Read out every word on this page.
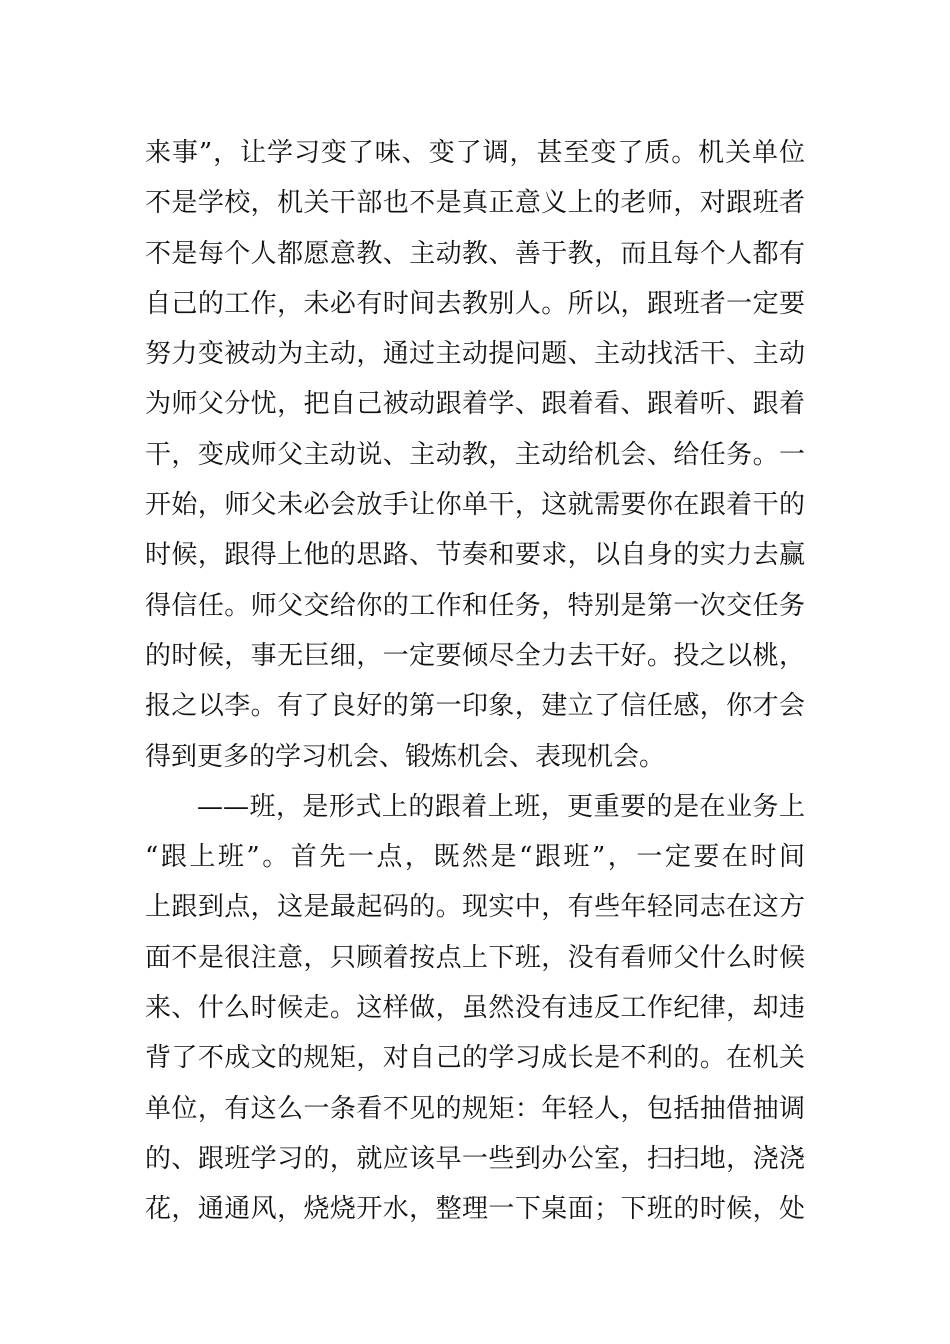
来事”，让学习变了味、变了调，甚至变了质。机关单位
不是学校，机关干部也不是真正意义上的老师，对跟班者
不是每个人都愿意教、主动教、善于教，而且每个人都有
自己的工作，未必有时间去教别人。所以，跟班者一定要
努力变被动为主动，通过主动提问题、主动找活干、主动
为师父分忧，把自己被动跟着学、跟着看、跟着听、跟着
干，变成师父主动说、主动教，主动给机会、给任务。一
开始，师父未必会放手让你单干，这就需要你在跟着干的
时候，跟得上他的思路、节奏和要求，以自身的实力去赢
得信任。师父交给你的工作和任务，特别是第一次交任务
的时候，事无巨细，一定要倾尽全力去干好。投之以桃，
报之以李。有了良好的第一印象，建立了信任感，你才会
得到更多的学习机会、锻炼机会、表现机会。
——班，是形式上的跟着上班，更重要的是在业务上
“跟上班”。首先一点，既然是“跟班”，一定要在时间
上跟到点，这是最起码的。现实中，有些年轻同志在这方
面不是很注意，只顾着按点上下班，没有看师父什么时候
来、什么时候走。这样做，虽然没有违反工作纪律，却违
背了不成文的规矩，对自己的学习成长是不利的。在机关
单位，有这么一条看不见的规矩：年轻人，包括抽借抽调
的、跟班学习的，就应该早一些到办公室，扫扫地，浇浇
花，通通风，烧烧开水，整理一下桌面；下班的时候，处
